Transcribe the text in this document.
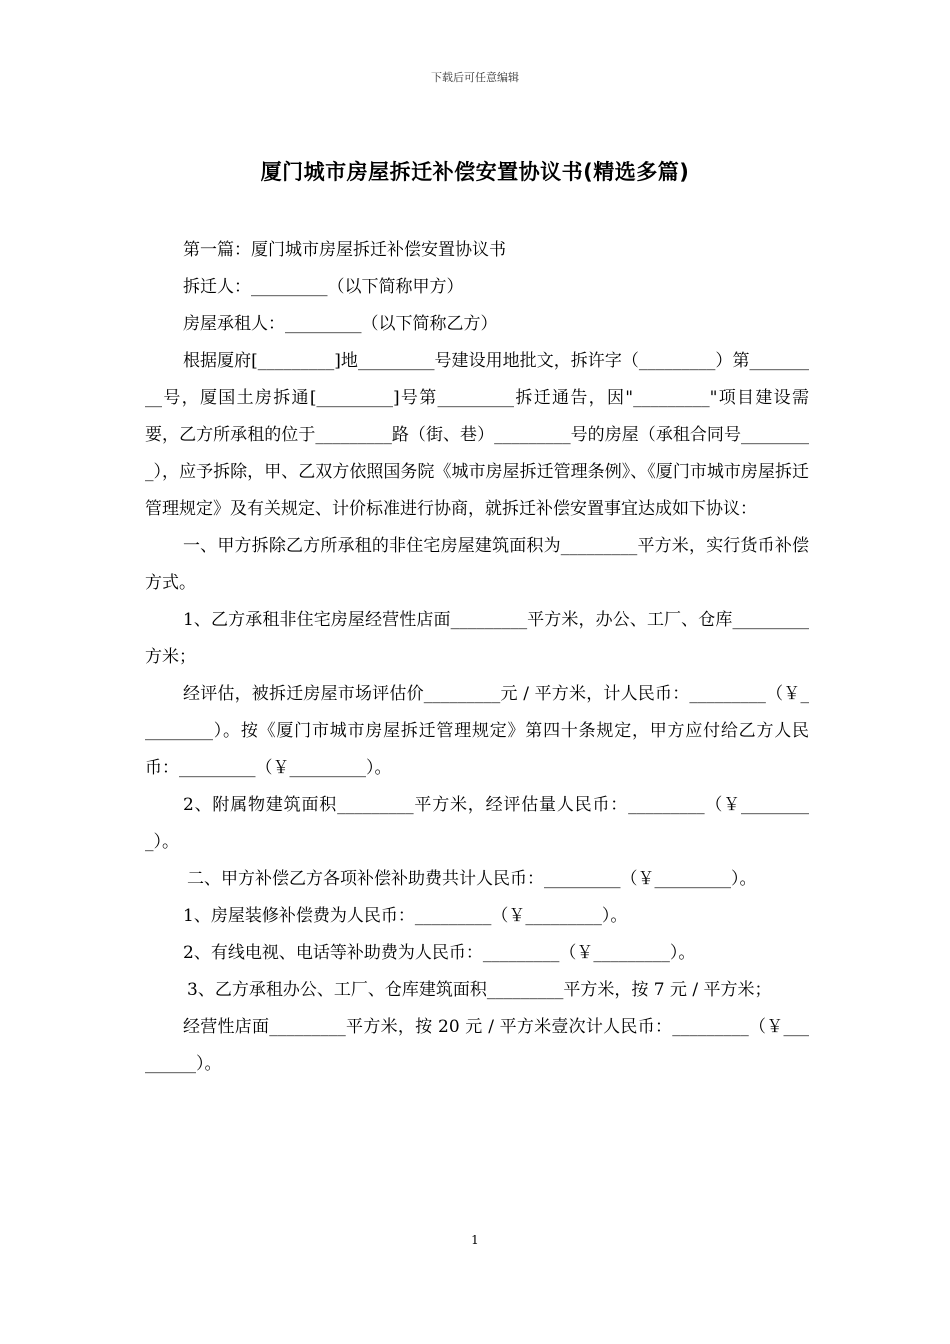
下载后可任意编辑
厦门城市房屋拆迁补偿安置协议书(精选多篇)

第一篇：厦门城市房屋拆迁补偿安置协议书

拆迁人：_________（以下简称甲方）

房屋承租人：_________（以下简称乙方）

根据厦府[_________]地_________号建设用地批文，拆许字（_________）第_________号，厦国土房拆通[_________]号第_________拆迁通告，因"_________"项目建设需要，乙方所承租的位于_________路（街、巷）_________号的房屋（承租合同号_________），应予拆除，甲、乙双方依照国务院《城市房屋拆迁管理条例》、《厦门市城市房屋拆迁管理规定》及有关规定、计价标准进行协商，就拆迁补偿安置事宜达成如下协议：

一、甲方拆除乙方所承租的非住宅房屋建筑面积为_________平方米，实行货币补偿方式。

1、乙方承租非住宅房屋经营性店面_________平方米，办公、工厂、仓库_________方米；

经评估，被拆迁房屋市场评估价_________元 / 平方米，计人民币：_________（￥_________）。按《厦门市城市房屋拆迁管理规定》第四十条规定，甲方应付给乙方人民币：_________（￥_________）。

2、附属物建筑面积_________平方米，经评估量人民币：_________（￥_________）。

二、甲方补偿乙方各项补偿补助费共计人民币：_________（￥_________）。

1、房屋装修补偿费为人民币：_________（￥_________）。

2、有线电视、电话等补助费为人民币：_________（￥_________）。

3、乙方承租办公、工厂、仓库建筑面积_________平方米，按 7 元 / 平方米；

经营性店面_________平方米，按 20 元 / 平方米壹次计人民币：_________（￥_________）。

1
